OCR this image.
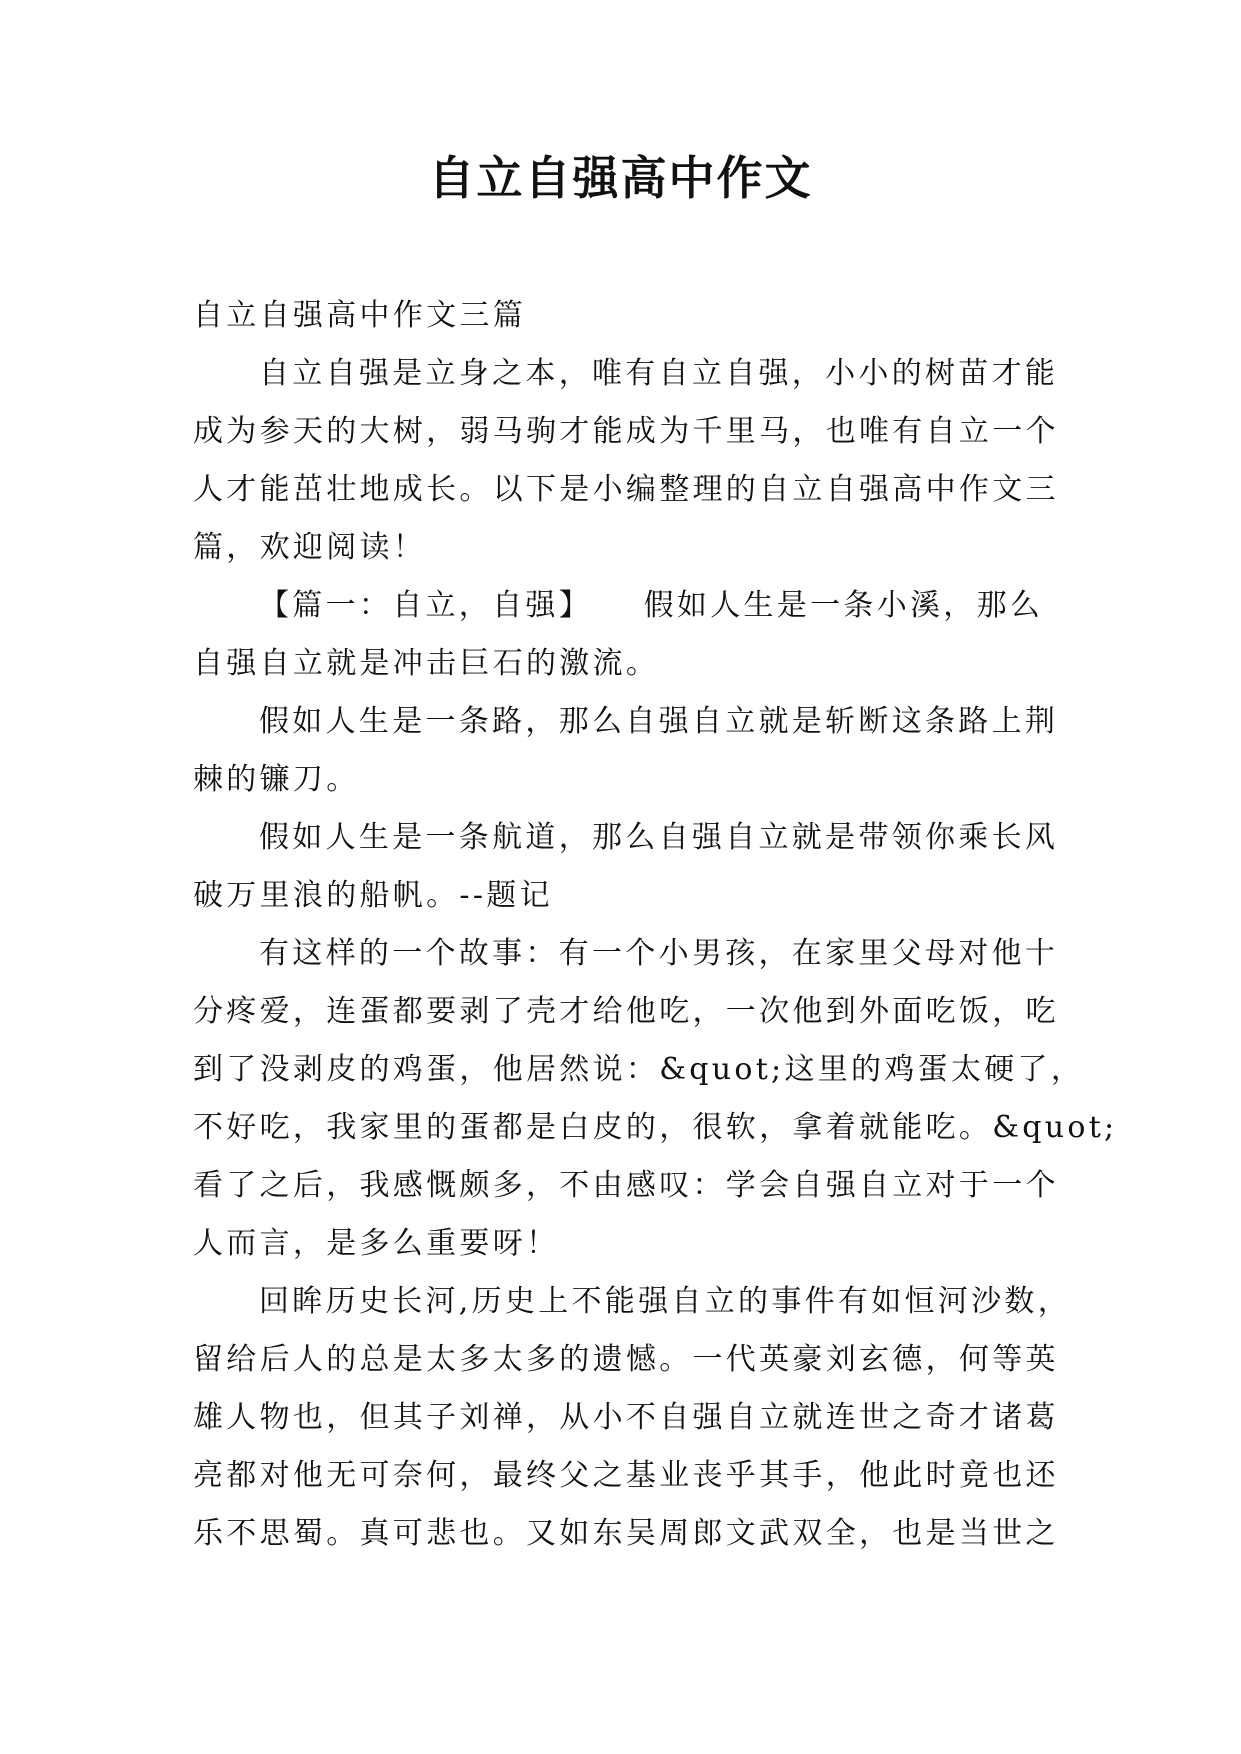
自立自强高中作文
自立自强高中作文三篇
自立自强是立身之本，唯有自立自强，小小的树苗才能
成为参天的大树，弱马驹才能成为千里马，也唯有自立一个
人才能茁壮地成长。以下是小编整理的自立自强高中作文三
篇，欢迎阅读！
【篇一：自立，自强】　　假如人生是一条小溪，那么
自强自立就是冲击巨石的激流。
假如人生是一条路，那么自强自立就是斩断这条路上荆
棘的镰刀。
假如人生是一条航道，那么自强自立就是带领你乘长风
破万里浪的船帆。--题记
有这样的一个故事：有一个小男孩，在家里父母对他十
分疼爱，连蛋都要剥了壳才给他吃，一次他到外面吃饭，吃
到了没剥皮的鸡蛋，他居然说：&quot;这里的鸡蛋太硬了，
不好吃，我家里的蛋都是白皮的，很软，拿着就能吃。&quot;
看了之后，我感慨颇多，不由感叹：学会自强自立对于一个
人而言，是多么重要呀！
回眸历史长河,历史上不能强自立的事件有如恒河沙数，
留给后人的总是太多太多的遗憾。一代英豪刘玄德，何等英
雄人物也，但其子刘禅，从小不自强自立就连世之奇才诸葛
亮都对他无可奈何，最终父之基业丧乎其手，他此时竟也还
乐不思蜀。真可悲也。又如东吴周郎文武双全，也是当世之
